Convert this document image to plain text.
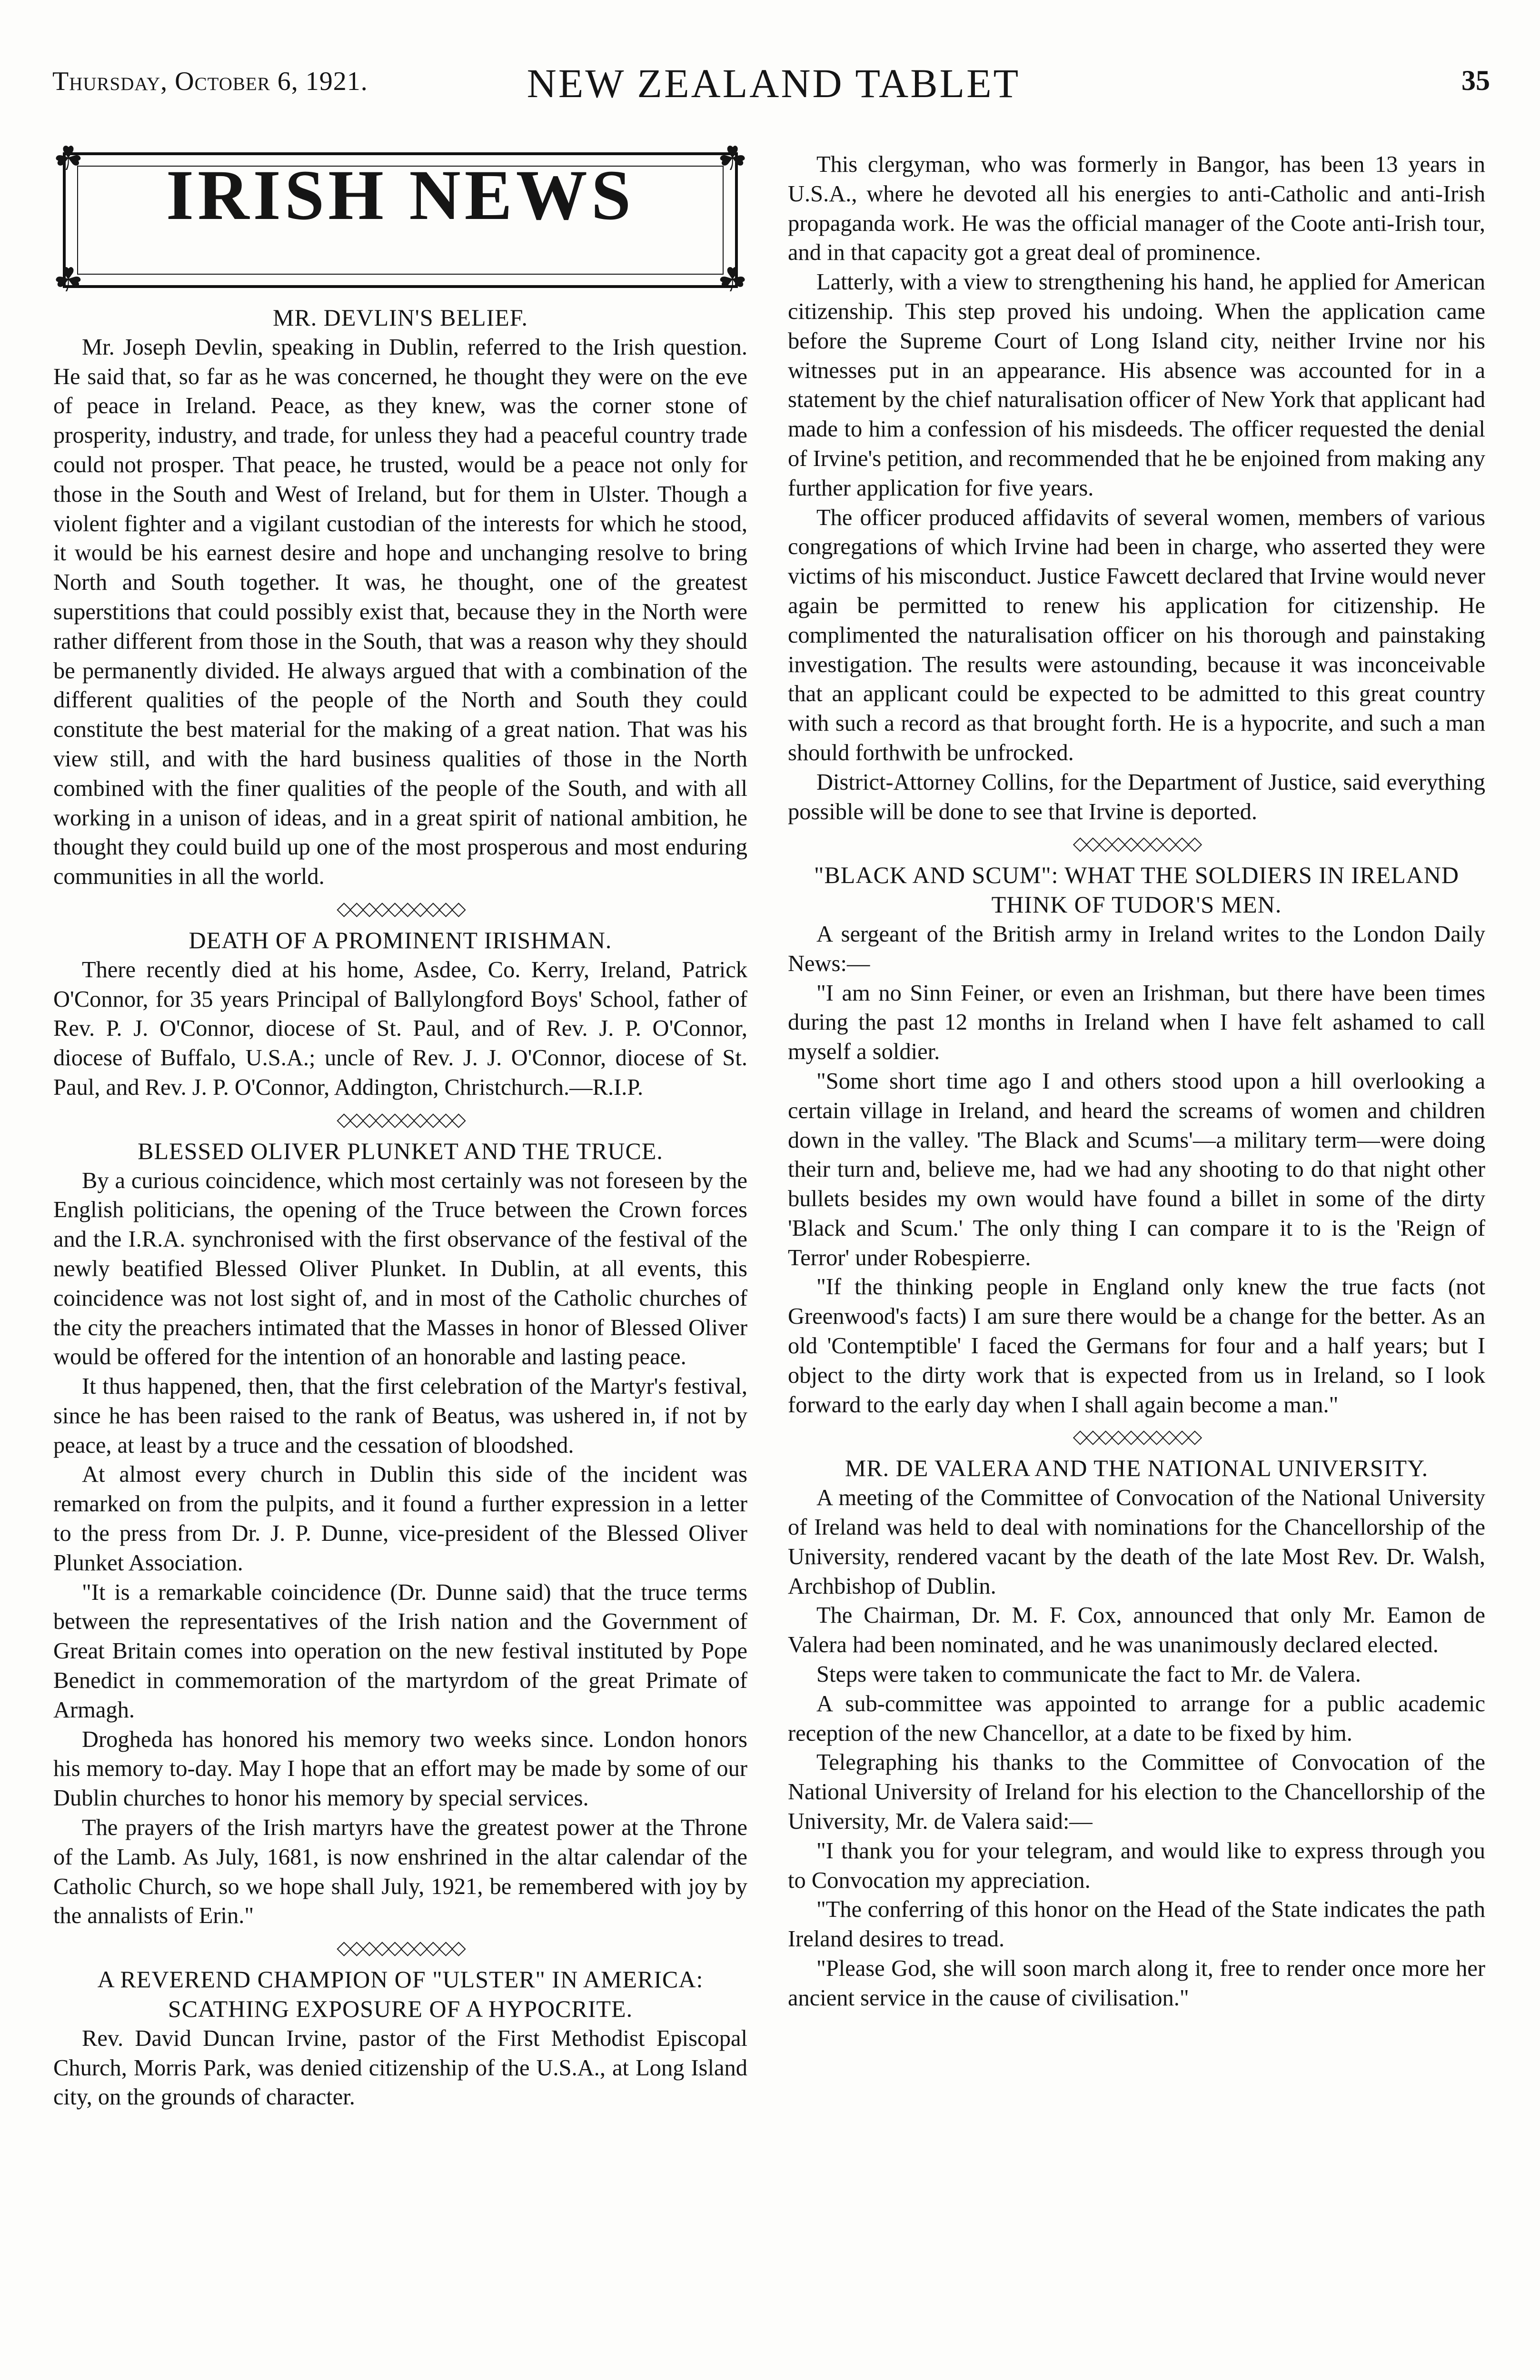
Thursday, October 6, 1921.	NEW ZEALAND TABLET	35
☘	☘
☘	☘
IRISH NEWS
MR. DEVLIN'S BELIEF.

Mr. Joseph Devlin, speaking in Dublin, referred to the Irish question. He said that, so far as he was concerned, he thought they were on the eve of peace in Ireland. Peace, as they knew, was the corner stone of prosperity, industry, and trade, for unless they had a peaceful country trade could not prosper. That peace, he trusted, would be a peace not only for those in the South and West of Ireland, but for them in Ulster. Though a violent fighter and a vigilant custodian of the interests for which he stood, it would be his earnest desire and hope and unchanging resolve to bring North and South together. It was, he thought, one of the greatest superstitions that could possibly exist that, because they in the North were rather different from those in the South, that was a reason why they should be permanently divided. He always argued that with a combination of the different qualities of the people of the North and South they could constitute the best material for the making of a great nation. That was his view still, and with the hard business qualities of those in the North combined with the finer qualities of the people of the South, and with all working in a unison of ideas, and in a great spirit of national ambition, he thought they could build up one of the most prosperous and most enduring communities in all the world.

◇◇◇◇◇◇◇◇◇◇
DEATH OF A PROMINENT IRISHMAN.

There recently died at his home, Asdee, Co. Kerry, Ireland, Patrick O'Connor, for 35 years Principal of Ballylongford Boys' School, father of Rev. P. J. O'Connor, diocese of St. Paul, and of Rev. J. P. O'Connor, diocese of Buffalo, U.S.A.; uncle of Rev. J. J. O'Connor, diocese of St. Paul, and Rev. J. P. O'Connor, Addington, Christchurch.—R.I.P.

◇◇◇◇◇◇◇◇◇◇
BLESSED OLIVER PLUNKET AND THE TRUCE.

By a curious coincidence, which most certainly was not foreseen by the English politicians, the opening of the Truce between the Crown forces and the I.R.A. synchronised with the first observance of the festival of the newly beatified Blessed Oliver Plunket. In Dublin, at all events, this coincidence was not lost sight of, and in most of the Catholic churches of the city the preachers intimated that the Masses in honor of Blessed Oliver would be offered for the intention of an honorable and lasting peace.

It thus happened, then, that the first celebration of the Martyr's festival, since he has been raised to the rank of Beatus, was ushered in, if not by peace, at least by a truce and the cessation of bloodshed.

At almost every church in Dublin this side of the incident was remarked on from the pulpits, and it found a further expression in a letter to the press from Dr. J. P. Dunne, vice-president of the Blessed Oliver Plunket Association.

"It is a remarkable coincidence (Dr. Dunne said) that the truce terms between the representatives of the Irish nation and the Government of Great Britain comes into operation on the new festival instituted by Pope Benedict in commemoration of the martyrdom of the great Primate of Armagh.

Drogheda has honored his memory two weeks since. London honors his memory to-day. May I hope that an effort may be made by some of our Dublin churches to honor his memory by special services.

The prayers of the Irish martyrs have the greatest power at the Throne of the Lamb. As July, 1681, is now enshrined in the altar calendar of the Catholic Church, so we hope shall July, 1921, be remembered with joy by the annalists of Erin."

◇◇◇◇◇◇◇◇◇◇
A REVEREND CHAMPION OF "ULSTER" IN AMERICA: SCATHING EXPOSURE OF A HYPOCRITE.

Rev. David Duncan Irvine, pastor of the First Methodist Episcopal Church, Morris Park, was denied citizenship of the U.S.A., at Long Island city, on the grounds of character.

This clergyman, who was formerly in Bangor, has been 13 years in U.S.A., where he devoted all his energies to anti-Catholic and anti-Irish propaganda work. He was the official manager of the Coote anti-Irish tour, and in that capacity got a great deal of prominence.

Latterly, with a view to strengthening his hand, he applied for American citizenship. This step proved his undoing. When the application came before the Supreme Court of Long Island city, neither Irvine nor his witnesses put in an appearance. His absence was accounted for in a statement by the chief naturalisation officer of New York that applicant had made to him a confession of his misdeeds. The officer requested the denial of Irvine's petition, and recommended that he be enjoined from making any further application for five years.

The officer produced affidavits of several women, members of various congregations of which Irvine had been in charge, who asserted they were victims of his misconduct. Justice Fawcett declared that Irvine would never again be permitted to renew his application for citizenship. He complimented the naturalisation officer on his thorough and painstaking investigation. The results were astounding, because it was inconceivable that an applicant could be expected to be admitted to this great country with such a record as that brought forth. He is a hypocrite, and such a man should forthwith be unfrocked.

District-Attorney Collins, for the Department of Justice, said everything possible will be done to see that Irvine is deported.

◇◇◇◇◇◇◇◇◇◇
"BLACK AND SCUM": WHAT THE SOLDIERS IN IRELAND THINK OF TUDOR'S MEN.

A sergeant of the British army in Ireland writes to the London Daily News:—

"I am no Sinn Feiner, or even an Irishman, but there have been times during the past 12 months in Ireland when I have felt ashamed to call myself a soldier.

"Some short time ago I and others stood upon a hill overlooking a certain village in Ireland, and heard the screams of women and children down in the valley. 'The Black and Scums'—a military term—were doing their turn and, believe me, had we had any shooting to do that night other bullets besides my own would have found a billet in some of the dirty 'Black and Scum.' The only thing I can compare it to is the 'Reign of Terror' under Robespierre.

"If the thinking people in England only knew the true facts (not Greenwood's facts) I am sure there would be a change for the better. As an old 'Contemptible' I faced the Germans for four and a half years; but I object to the dirty work that is expected from us in Ireland, so I look forward to the early day when I shall again become a man."

◇◇◇◇◇◇◇◇◇◇
MR. DE VALERA AND THE NATIONAL UNIVERSITY.

A meeting of the Committee of Convocation of the National University of Ireland was held to deal with nominations for the Chancellorship of the University, rendered vacant by the death of the late Most Rev. Dr. Walsh, Archbishop of Dublin.

The Chairman, Dr. M. F. Cox, announced that only Mr. Eamon de Valera had been nominated, and he was unanimously declared elected.

Steps were taken to communicate the fact to Mr. de Valera.

A sub-committee was appointed to arrange for a public academic reception of the new Chancellor, at a date to be fixed by him.

Telegraphing his thanks to the Committee of Convocation of the National University of Ireland for his election to the Chancellorship of the University, Mr. de Valera said:—

"I thank you for your telegram, and would like to express through you to Convocation my appreciation.

"The conferring of this honor on the Head of the State indicates the path Ireland desires to tread.

"Please God, she will soon march along it, free to render once more her ancient service in the cause of civilisation."
